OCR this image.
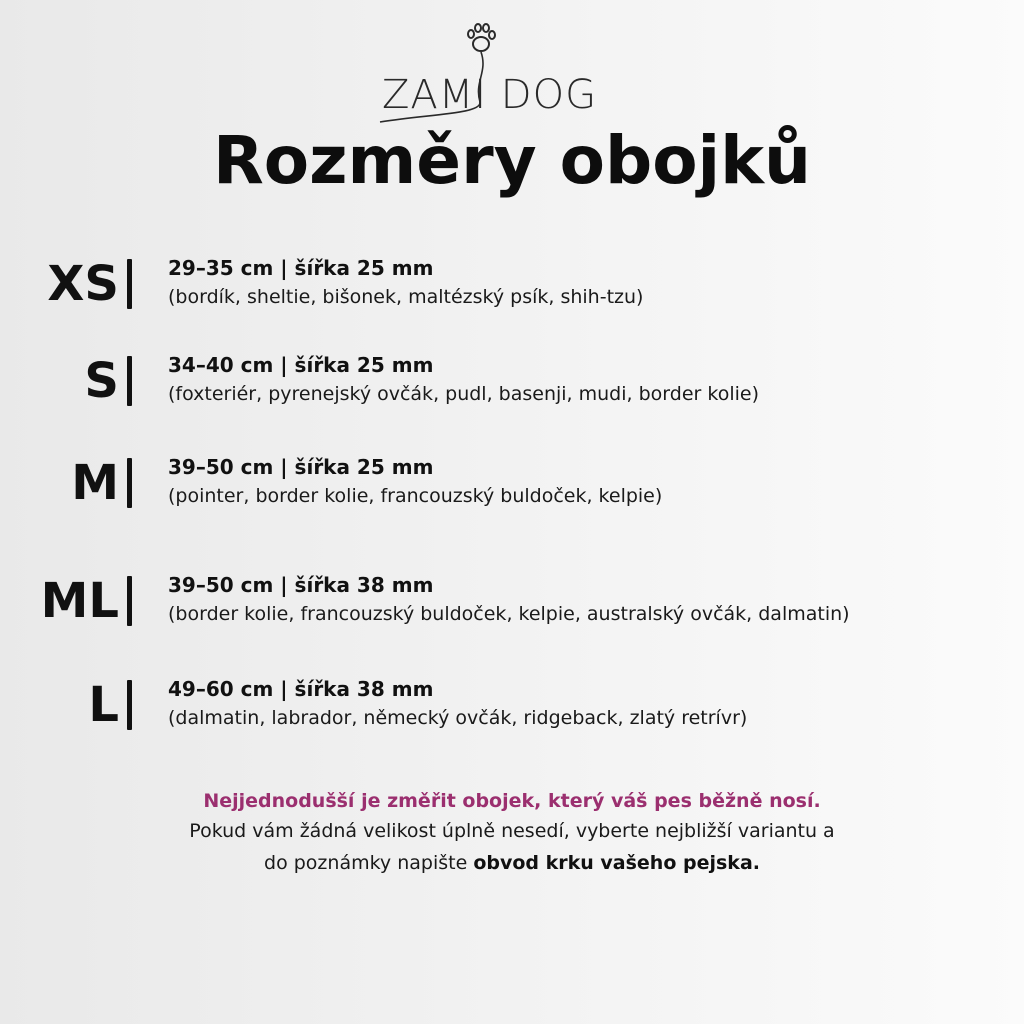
ZAMI DOG
Rozměry obojků
XS 29–35 cm | šířka 25 mm
(bordík, sheltie, bišonek, maltézský psík, shih-tzu)
S 34–40 cm | šířka 25 mm
(foxteriér, pyrenejský ovčák, pudl, basenji, mudi, border kolie)
M 39–50 cm | šířka 25 mm
(pointer, border kolie, francouzský buldoček, kelpie)
ML 39–50 cm | šířka 38 mm
(border kolie, francouzský buldoček, kelpie, australský ovčák, dalmatin)
L 49–60 cm | šířka 38 mm
(dalmatin, labrador, německý ovčák, ridgeback, zlatý retrívr)
Nejjednodušší je změřit obojek, který váš pes běžně nosí.
Pokud vám žádná velikost úplně nesedí, vyberte nejbližší variantu a
do poznámky napište obvod krku vašeho pejska.
